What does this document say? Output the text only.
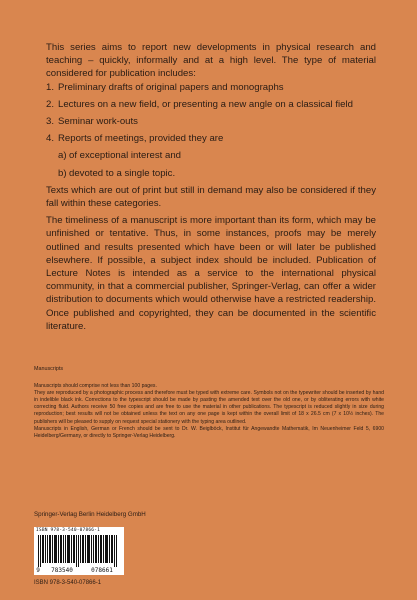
This series aims to report new developments in physical research and teaching – quickly, informally and at a high level. The type of material considered for publication includes:

1. Preliminary drafts of original papers and monographs
2. Lectures on a new field, or presenting a new angle on a classical field
3. Seminar work-outs
4. Reports of meetings, provided they are
a) of exceptional interest and
b) devoted to a single topic.

Texts which are out of print but still in demand may also be considered if they fall within these categories.

The timeliness of a manuscript is more important than its form, which may be unfinished or tentative. Thus, in some instances, proofs may be merely outlined and results presented which have been or will later be published elsewhere. If possible, a subject index should be included. Publication of Lecture Notes is intended as a service to the international physical community, in that a commercial publisher, Springer-Verlag, can offer a wider distribution to documents which would otherwise have a restricted readership. Once published and copyrighted, they can be documented in the scientific literature.

Manuscripts

Manuscripts should comprise not less than 100 pages.

They are reproduced by a photographic process and therefore must be typed with extreme care. Symbols not on the typewriter should be inserted by hand in indelible black ink. Corrections to the typescript should be made by pasting the amended text over the old one, or by obliterating errors with white correcting fluid. Authors receive 50 free copies and are free to use the material in other publications. The typescript is reduced slightly in size during reproduction; best results will not be obtained unless the text on any one page is kept within the overall limit of 18 x 26.5 cm (7 x 10½ inches). The publishers will be pleased to supply on request special stationery with the typing area outlined.

Manuscripts in English, German or French should be sent to Dr. W. Beiglböck, Institut für Angewandte Mathematik, Im Neuenheimer Feld 5, 6900 Heidelberg/Germany, or directly to Springer-Verlag Heidelberg.

Springer-Verlag Berlin Heidelberg GmbH
ISBN 978-3-540-07866-1
9	783540	078661
ISBN 978-3-540-07866-1
